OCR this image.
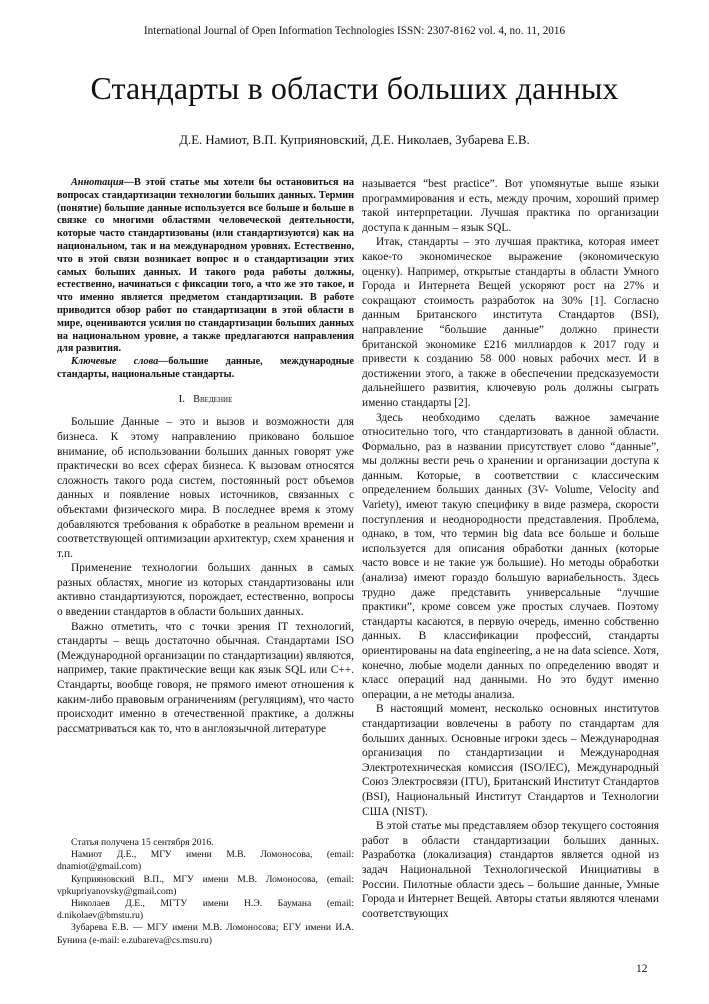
International Journal of Open Information Technologies ISSN: 2307-8162 vol. 4, no. 11, 2016
Стандарты в области больших данных
Д.Е. Намиот, В.П. Куприяновский, Д.Е. Николаев, Зубарева Е.В.

Аннотация—В этой статье мы хотели бы остановиться на вопросах стандартизации технологии больших данных. Термин (понятие) большие данные используется все больше и больше в связке со многими областями человеческой деятельности, которые часто стандартизованы (или стандартизуются) как на национальном, так и на международном уровнях. Естественно, что в этой связи возникает вопрос и о стандартизации этих самых больших данных. И такого рода работы должны, естественно, начинаться с фиксации того, а что же это такое, и что именно является предметом стандартизации. В работе приводится обзор работ по стандартизации в этой области в мире, оцениваются усилия по стандартизации больших данных на национальном уровне, а также предлагаются направления для развития.

Ключевые слова—большие данные, международные стандарты, национальные стандарты.

I. Введение

Большие Данные – это и вызов и возможности для бизнеса. К этому направлению приковано большое внимание, об использовании больших данных говорят уже практически во всех сферах бизнеса. К вызовам относятся сложность такого рода систем, постоянный рост объемов данных и появление новых источников, связанных с объектами физического мира. В последнее время к этому добавляются требования к обработке в реальном времени и соответствующей оптимизации архитектур, схем хранения и т.п.

Применение технологии больших данных в самых разных областях, многие из которых стандартизованы или активно стандартизуются, порождает, естественно, вопросы о введении стандартов в области больших данных.

Важно отметить, что с точки зрения IT технологий, стандарты – вещь достаточно обычная. Стандартами ISO (Международной организации по стандартизации) являются, например, такие практические вещи как язык SQL или C++. Стандарты, вообще говоря, не прямого имеют отношения к каким-либо правовым ограничениям (регуляциям), что часто происходит именно в отечественной практике, а должны рассматриваться как то, что в англоязычной литературе

называется “best practice”. Вот упомянутые выше языки программирования и есть, между прочим, хороший пример такой интерпретации. Лучшая практика по организации доступа к данным – язык SQL.

Итак, стандарты – это лучшая практика, которая имеет какое-то экономическое выражение (экономическую оценку). Например, открытые стандарты в области Умного Города и Интернета Вещей ускоряют рост на 27% и сокращают стоимость разработок на 30% [1]. Согласно данным Британского института Стандартов (BSI), направление “большие данные” должно принести британской экономике £216 миллиардов к 2017 году и привести к созданию 58 000 новых рабочих мест. И в достижении этого, а также в обеспечении предсказуемости дальнейшего развития, ключевую роль должны сыграть именно стандарты [2].

Здесь необходимо сделать важное замечание относительно того, что стандартизовать в данной области. Формально, раз в названии присутствует слово “данные”, мы должны вести речь о хранении и организации доступа к данным. Которые, в соответствии с классическим определением больших данных (3V- Volume, Velocity and Variety), имеют такую специфику в виде размера, скорости поступления и неоднородности представления. Проблема, однако, в том, что термин big data все больше и больше используется для описания обработки данных (которые часто вовсе и не такие уж большие). Но методы обработки (анализа) имеют гораздо большую вариабельность. Здесь трудно даже представить универсальные “лучшие практики”, кроме совсем уже простых случаев. Поэтому стандарты касаются, в первую очередь, именно собственно данных. В классификации профессий, стандарты ориентированы на data engineering, а не на data science. Хотя, конечно, любые модели данных по определению вводят и класс операций над данными. Но это будут именно операции, а не методы анализа.

В настоящий момент, несколько основных институтов стандартизации вовлечены в работу по стандартам для больших данных. Основные игроки здесь – Международная организация по стандартизации и Международная Электротехническая комиссия (ISO/IEC), Международный Союз Электросвязи (ITU), Британский Институт Стандартов (BSI), Национальный Институт Стандартов и Технологии США (NIST).

В этой статье мы представляем обзор текущего состояния работ в области стандартизации больших данных. Разработка (локализация) стандартов является одной из задач Национальной Технологической Инициативы в России. Пилотные области здесь – большие данные, Умные Города и Интернет Вещей. Авторы статьи являются членами соответствующих

Статья получена 15 сентября 2016.

Намиот Д.Е., МГУ имени М.В. Ломоносова, (email: dnamiot@gmail.com)

Куприяновский В.П., МГУ имени М.В. Ломоносова, (email: vpkupriyanovsky@gmail.com)

Николаев Д.Е., МГТУ имени Н.Э. Баумана (email: d.nikolaev@bmstu.ru)

Зубарева Е.В. — МГУ имени М.В. Ломоносова; ЕГУ имени И.А. Бунина (e-mail: e.zubareva@cs.msu.ru)

12
